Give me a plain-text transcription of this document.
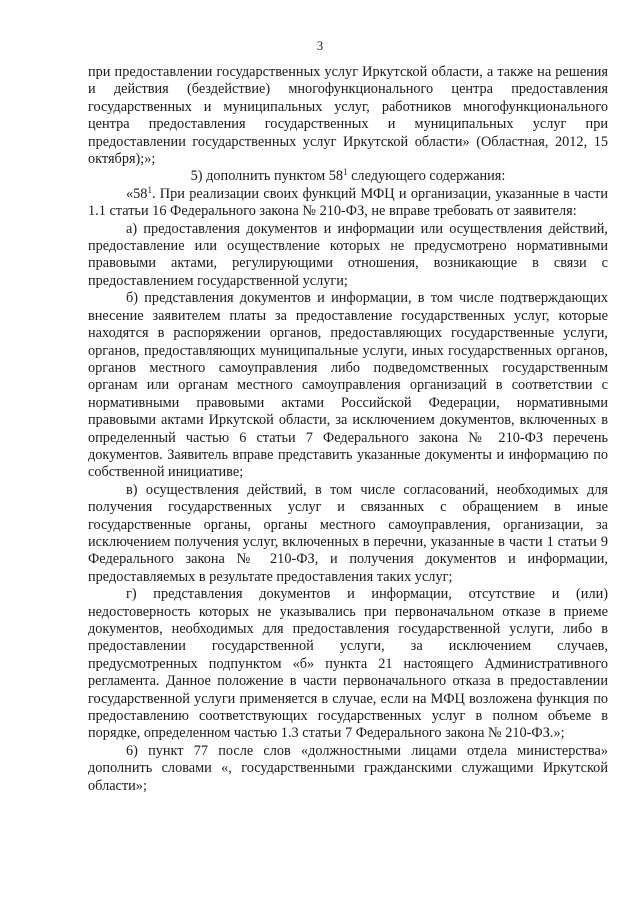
3

при предоставлении государственных услуг Иркутской области, а также на решения и действия (бездействие) многофункционального центра предоставления государственных и муниципальных услуг, работников многофункционального центра предоставления государственных и муниципальных услуг при предоставлении государственных услуг Иркутской области» (Областная, 2012, 15 октября);»;

5) дополнить пунктом $58^1$ следующего содержания:

«$58^1$. При реализации своих функций МФЦ и организации, указанные в части 1.1 статьи 16 Федерального закона № 210-ФЗ, не вправе требовать от заявителя:

а) предоставления документов и информации или осуществления действий, предоставление или осуществление которых не предусмотрено нормативными правовыми актами, регулирующими отношения, возникающие в связи с предоставлением государственной услуги;

б) представления документов и информации, в том числе подтверждающих внесение заявителем платы за предоставление государственных услуг, которые находятся в распоряжении органов, предоставляющих государственные услуги, органов, предоставляющих муниципальные услуги, иных государственных органов, органов местного самоуправления либо подведомственных государственным органам или органам местного самоуправления организаций в соответствии с нормативными правовыми актами Российской Федерации, нормативными правовыми актами Иркутской области, за исключением документов, включенных в определенный частью 6 статьи 7 Федерального закона № 210-ФЗ перечень документов. Заявитель вправе представить указанные документы и информацию по собственной инициативе;

в) осуществления действий, в том числе согласований, необходимых для получения государственных услуг и связанных с обращением в иные государственные органы, органы местного самоуправления, организации, за исключением получения услуг, включенных в перечни, указанные в части 1 статьи 9 Федерального закона № 210-ФЗ, и получения документов и информации, предоставляемых в результате предоставления таких услуг;

г) представления документов и информации, отсутствие и (или) недостоверность которых не указывались при первоначальном отказе в приеме документов, необходимых для предоставления государственной услуги, либо в предоставлении государственной услуги, за исключением случаев, предусмотренных подпунктом «б» пункта 21 настоящего Административного регламента. Данное положение в части первоначального отказа в предоставлении государственной услуги применяется в случае, если на МФЦ возложена функция по предоставлению соответствующих государственных услуг в полном объеме в порядке, определенном частью 1.3 статьи 7 Федерального закона № 210-ФЗ.»;

6) пункт 77 после слов «должностными лицами отдела министерства» дополнить словами «, государственными гражданскими служащими Иркутской области»;
